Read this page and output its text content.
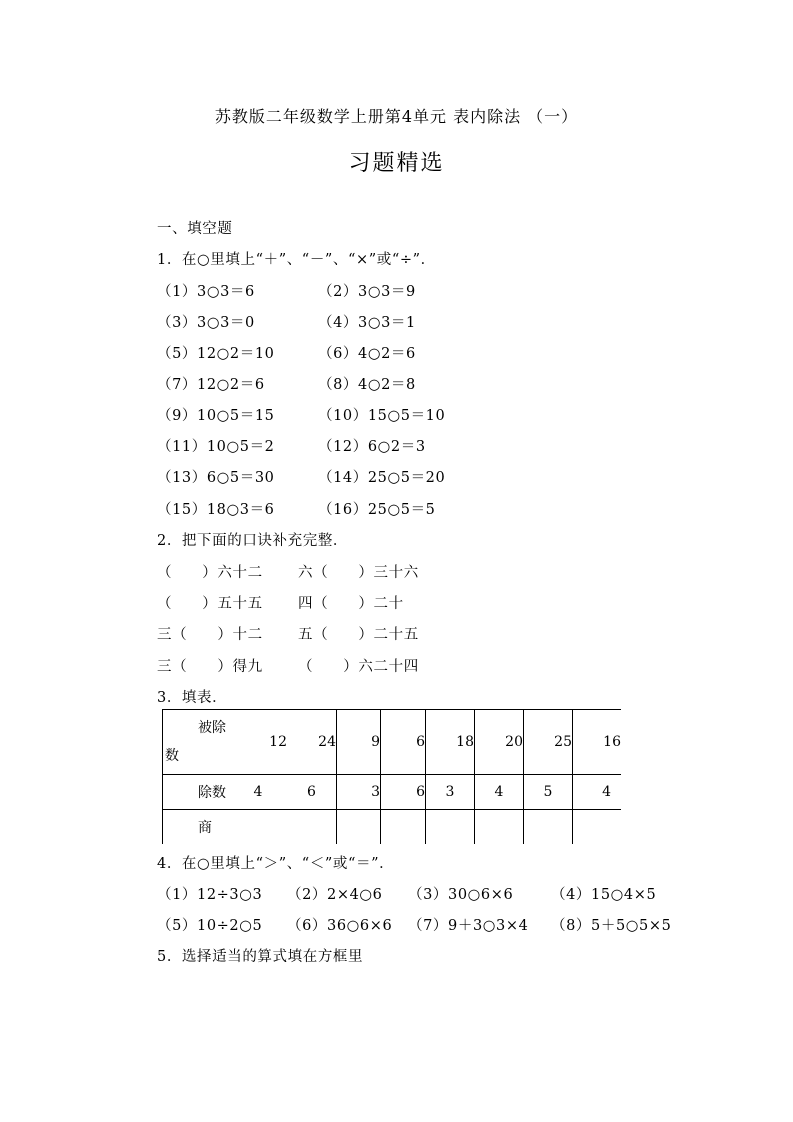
苏教版二年级数学上册第4单元 表内除法 （一）
习题精选
一、填空题
1．在○里填上“＋”、“－”、“×”或“÷”．
（1）3○3＝6	（2）3○3＝9
（3）3○3＝0	（4）3○3＝1
（5）12○2＝10	（6）4○2＝6
（7）12○2＝6	（8）4○2＝8
（9）10○5＝15	（10）15○5＝10
（11）10○5＝2	（12）6○2＝3
（13）6○5＝30	（14）25○5＝20
（15）18○3＝6	（16）25○5＝5
2．把下面的口诀补充完整．
（　　）六十二 六（　　）三十六
（　　）五十五 四（　　）二十
三（　　）十二 五（　　）二十五
三（　　）得九 （　　）六二十四
3．填表．
被除
数	12	24	9	6	18	20	25	16
除数	4	6	3	6	3	4	5	4
商								
4．在○里填上“＞”、“＜”或“＝”．
（1）12÷3○3 （2）2×4○6 （3）30○6×6	（4）15○4×5
（5）10÷2○5 （6）36○6×6 （7）9＋3○3×4 （8）5＋5○5×5
5．选择适当的算式填在方框里
